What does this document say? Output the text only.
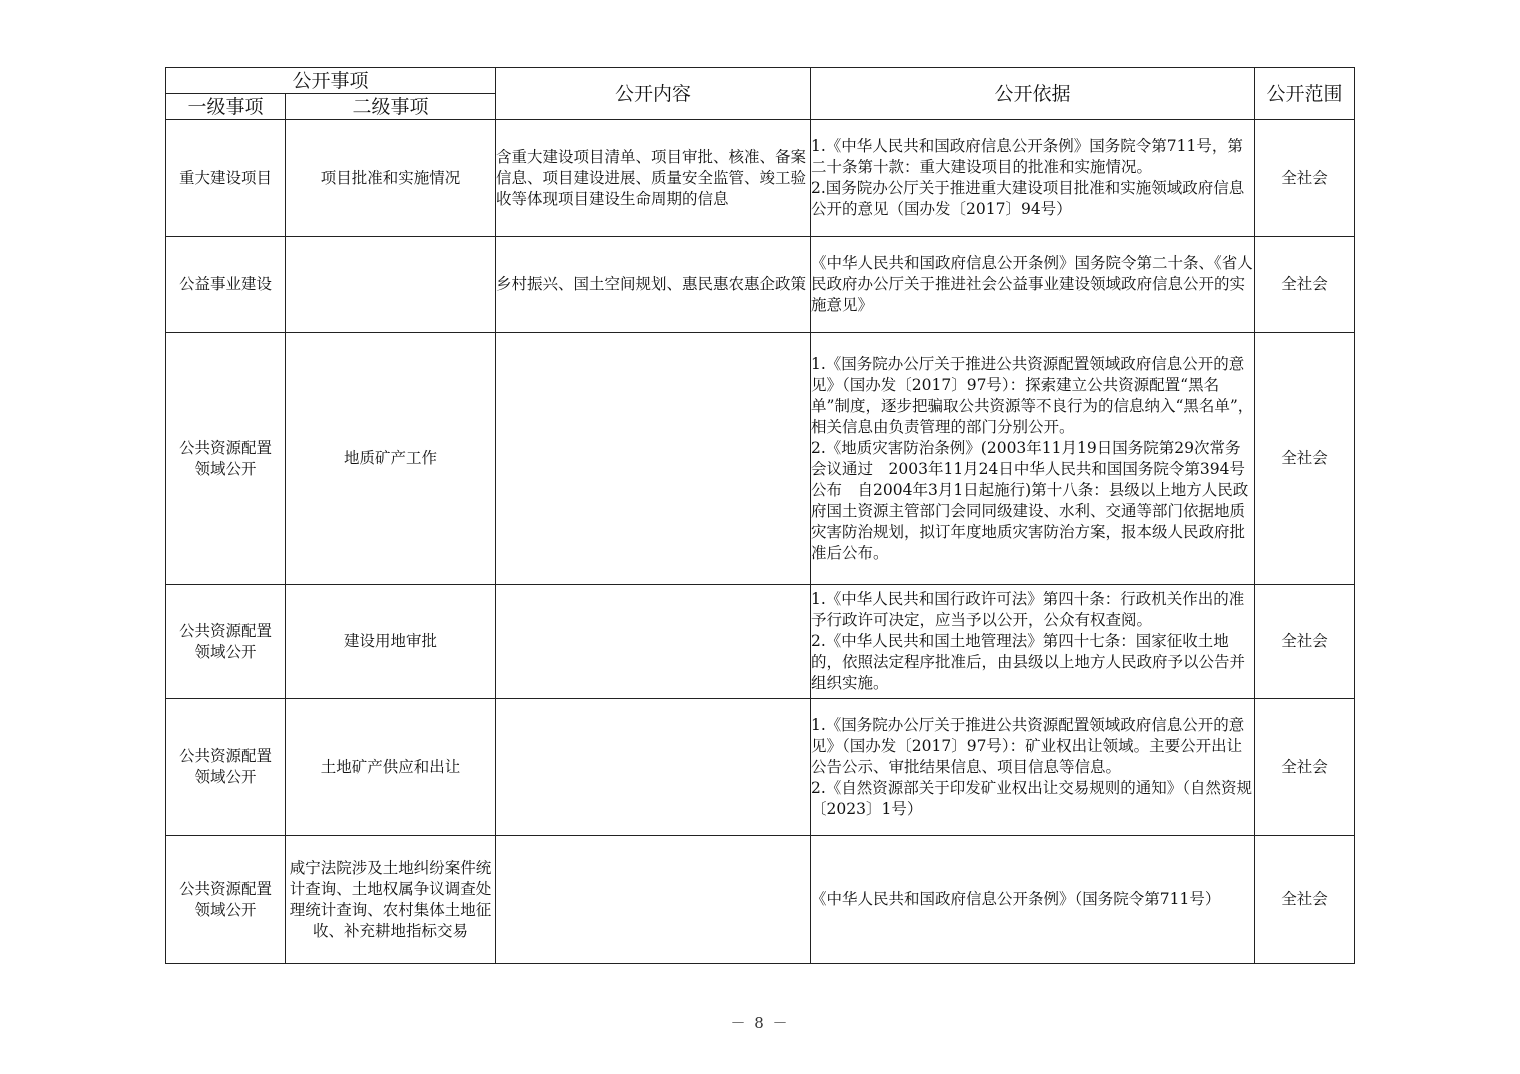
公开事项		公开内容	公开依据	公开范围
一级事项	二级事项			
重大建设项目	项目批准和实施情况	含重大建设项目清单、项目审批、核准、备案信息、项目建设进展、质量安全监管、竣工验收等体现项目建设生命周期的信息	1.《中华人民共和国政府信息公开条例》国务院令第711号，第二十条第十款：重大建设项目的批准和实施情况。
2.国务院办公厅关于推进重大建设项目批准和实施领域政府信息公开的意见（国办发〔2017〕94号）	全社会
公益事业建设		乡村振兴、国土空间规划、惠民惠农惠企政策	《中华人民共和国政府信息公开条例》国务院令第二十条、《省人民政府办公厅关于推进社会公益事业建设领域政府信息公开的实施意见》	全社会
公共资源配置
领域公开	地质矿产工作		1.《国务院办公厅关于推进公共资源配置领域政府信息公开的意见》（国办发〔2017〕97号）：探索建立公共资源配置“黑名单”制度，逐步把骗取公共资源等不良行为的信息纳入“黑名单”，相关信息由负责管理的部门分别公开。
2.《地质灾害防治条例》(2003年11月19日国务院第29次常务会议通过　2003年11月24日中华人民共和国国务院令第394号公布　自2004年3月1日起施行)第十八条：县级以上地方人民政府国土资源主管部门会同同级建设、水利、交通等部门依据地质灾害防治规划，拟订年度地质灾害防治方案，报本级人民政府批准后公布。	全社会
公共资源配置
领域公开	建设用地审批		1.《中华人民共和国行政许可法》第四十条：行政机关作出的准予行政许可决定，应当予以公开，公众有权查阅。
2.《中华人民共和国土地管理法》第四十七条：国家征收土地的，依照法定程序批准后，由县级以上地方人民政府予以公告并组织实施。	全社会
公共资源配置
领域公开	土地矿产供应和出让		1.《国务院办公厅关于推进公共资源配置领域政府信息公开的意见》（国办发〔2017〕97号）：矿业权出让领域。主要公开出让公告公示、审批结果信息、项目信息等信息。
2.《自然资源部关于印发矿业权出让交易规则的通知》（自然资规〔2023〕1号）	全社会
公共资源配置
领域公开	咸宁法院涉及土地纠纷案件统计查询、土地权属争议调查处理统计查询、农村集体土地征收、补充耕地指标交易		《中华人民共和国政府信息公开条例》（国务院令第711号）	全社会
－ 8 －
